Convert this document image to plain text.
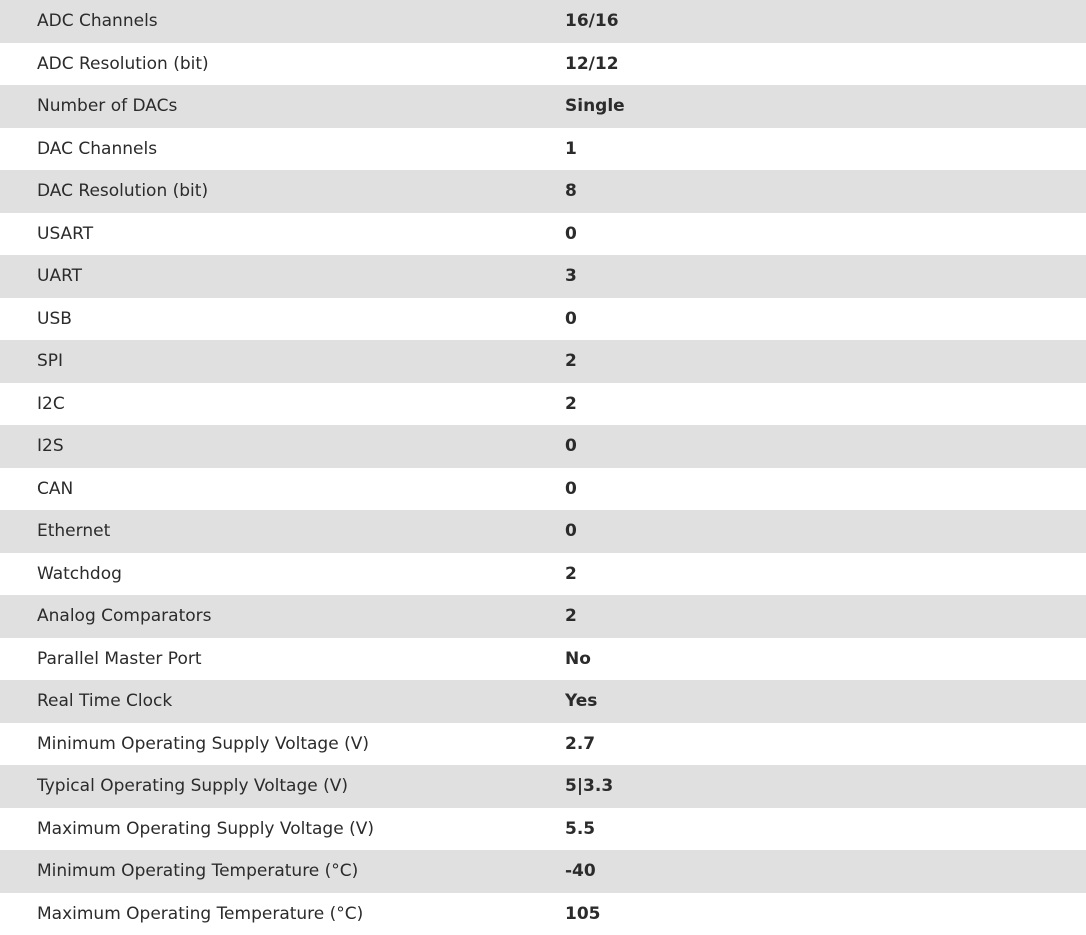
ADC Channels	16/16
ADC Resolution (bit)	12/12
Number of DACs	Single
DAC Channels	1
DAC Resolution (bit)	8
USART	0
UART	3
USB	0
SPI	2
I2C	2
I2S	0
CAN	0
Ethernet	0
Watchdog	2
Analog Comparators	2
Parallel Master Port	No
Real Time Clock	Yes
Minimum Operating Supply Voltage (V)	2.7
Typical Operating Supply Voltage (V)	5|3.3
Maximum Operating Supply Voltage (V)	5.5
Minimum Operating Temperature (°C)	-40
Maximum Operating Temperature (°C)	105
